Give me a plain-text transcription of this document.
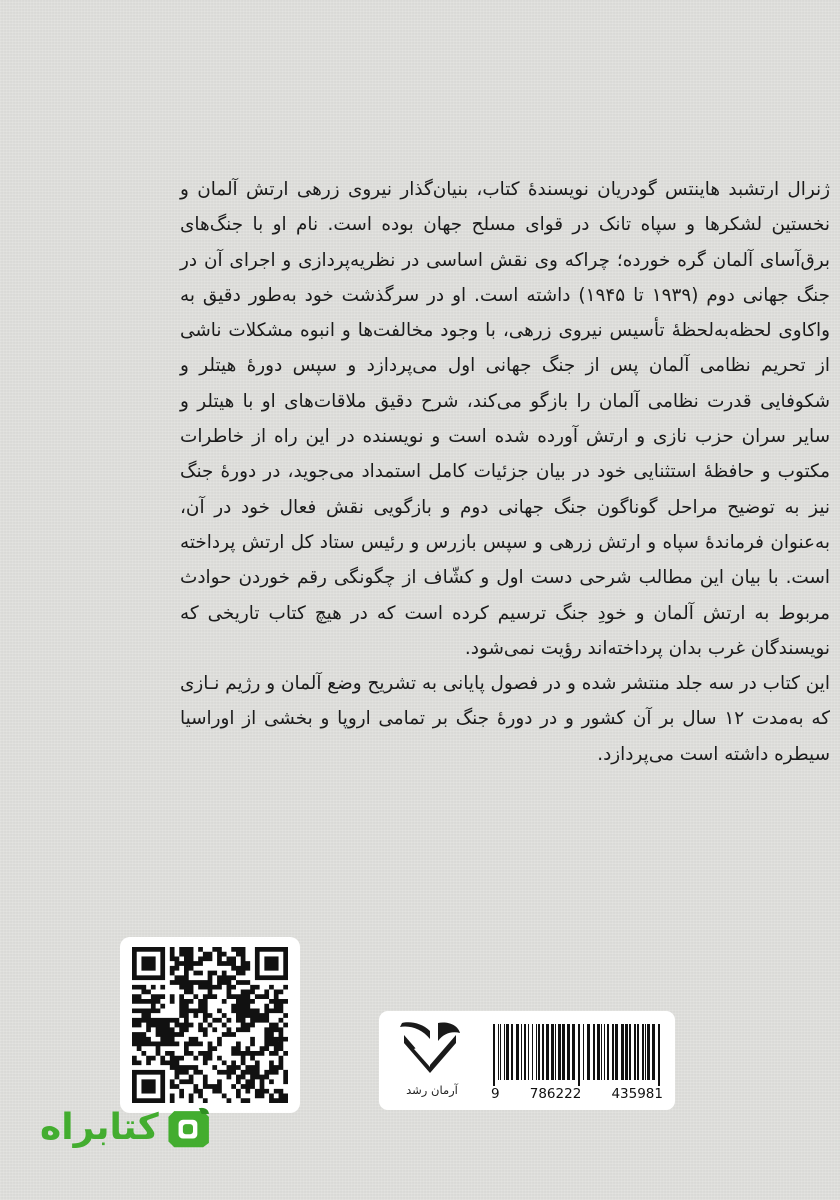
ژنرال ارتشبد هاینتس گودریان نویسندهٔ کتاب، بنیان‌گذار نیروی زرهی ارتش آلمان و نخستین لشکرها و سپاه تانک در قوای مسلح جهان بوده است. نام او با جنگ‌های برق‌آسای آلمان گره خورده؛ چراکه وی نقش اساسی در نظریه‌پردازی و اجرای آن در جنگ جهانی دوم (۱۹۳۹ تا ۱۹۴۵) داشته است. او در سرگذشت خود به‌طور دقیق به واکاوی لحظه‌به‌لحظهٔ تأسیس نیروی زرهی، با وجود مخالفت‌ها و انبوه مشکلات ناشی از تحریم نظامی آلمان پس از جنگ جهانی اول می‌پردازد و سپس دورهٔ هیتلر و شکوفایی قدرت نظامی آلمان را بازگو می‌کند، شرح دقیق ملاقات‌های او با هیتلر و سایر سران حزب نازی و ارتش آورده شده است و نویسنده در این راه از خاطرات مکتوب و حافظهٔ استثنایی خود در بیان جزئیات کامل استمداد می‌جوید، در دورهٔ جنگ نیز به توضیح مراحل گوناگون جنگ جهانی دوم و بازگویی نقش فعال خود در آن، به‌عنوان فرماندهٔ سپاه و ارتش زرهی و سپس بازرس و رئیس ستاد کل ارتش پرداخته است. با بیان این مطالب شرحی دست اول و کشّاف از چگونگی رقم خوردن حوادث مربوط به ارتش آلمان و خودِ جنگ ترسیم کرده است که در هیچ کتاب تاریخی که نویسندگان غرب بدان پرداخته‌اند رؤیت نمی‌شود.

این کتاب در سه جلد منتشر شده و در فصول پایانی به تشریح وضع آلمان و رژیم نـازی که به‌مدت ۱۲ سال بر آن کشور و در دورهٔ جنگ بر تمامی اروپا و بخشی از اوراسیا سیطره داشته است می‌پردازد.

آرمان رشد	9 786222 435981
کتابراه
